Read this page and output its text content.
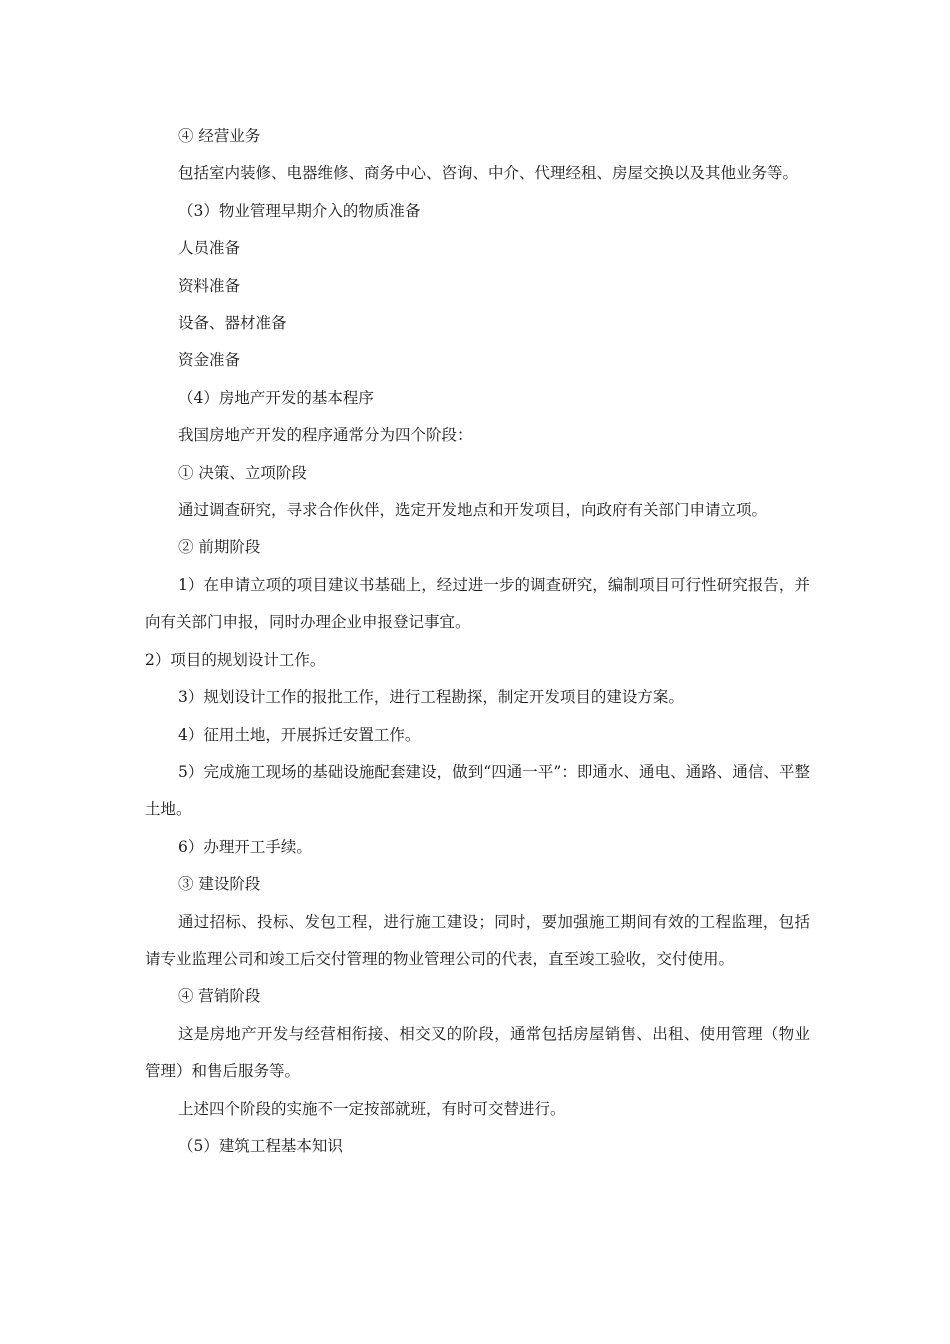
④ 经营业务

包括室内装修、电器维修、商务中心、咨询、中介、代理经租、房屋交换以及其他业务等。

（3）物业管理早期介入的物质准备

人员准备

资料准备

设备、器材准备

资金准备

（4）房地产开发的基本程序

我国房地产开发的程序通常分为四个阶段：

① 决策、立项阶段

通过调查研究，寻求合作伙伴，选定开发地点和开发项目，向政府有关部门申请立项。

② 前期阶段

1）在申请立项的项目建议书基础上，经过进一步的调查研究，编制项目可行性研究报告，并向有关部门申报，同时办理企业申报登记事宜。

2）项目的规划设计工作。

3）规划设计工作的报批工作，进行工程勘探，制定开发项目的建设方案。

4）征用土地，开展拆迁安置工作。

5）完成施工现场的基础设施配套建设，做到“四通一平”：即通水、通电、通路、通信、平整土地。

6）办理开工手续。

③ 建设阶段

通过招标、投标、发包工程，进行施工建设；同时，要加强施工期间有效的工程监理，包括请专业监理公司和竣工后交付管理的物业管理公司的代表，直至竣工验收，交付使用。

④ 营销阶段

这是房地产开发与经营相衔接、相交叉的阶段，通常包括房屋销售、出租、使用管理（物业管理）和售后服务等。

上述四个阶段的实施不一定按部就班，有时可交替进行。

（5）建筑工程基本知识
